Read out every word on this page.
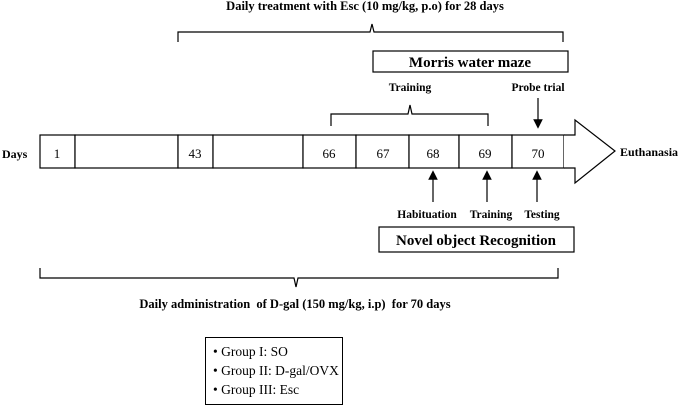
Daily treatment with Esc (10 mg/kg, p.o) for 28 days
Morris water maze
Training	Probe trial
Days 1	43	66	67	68	69	70	Euthanasia
Habituation Training Testing
Novel object Recognition
Daily administration  of D-gal (150 mg/kg, i.p)  for 70 days
• Group I: SO
• Group II: D-gal/OVX
• Group III: Esc
